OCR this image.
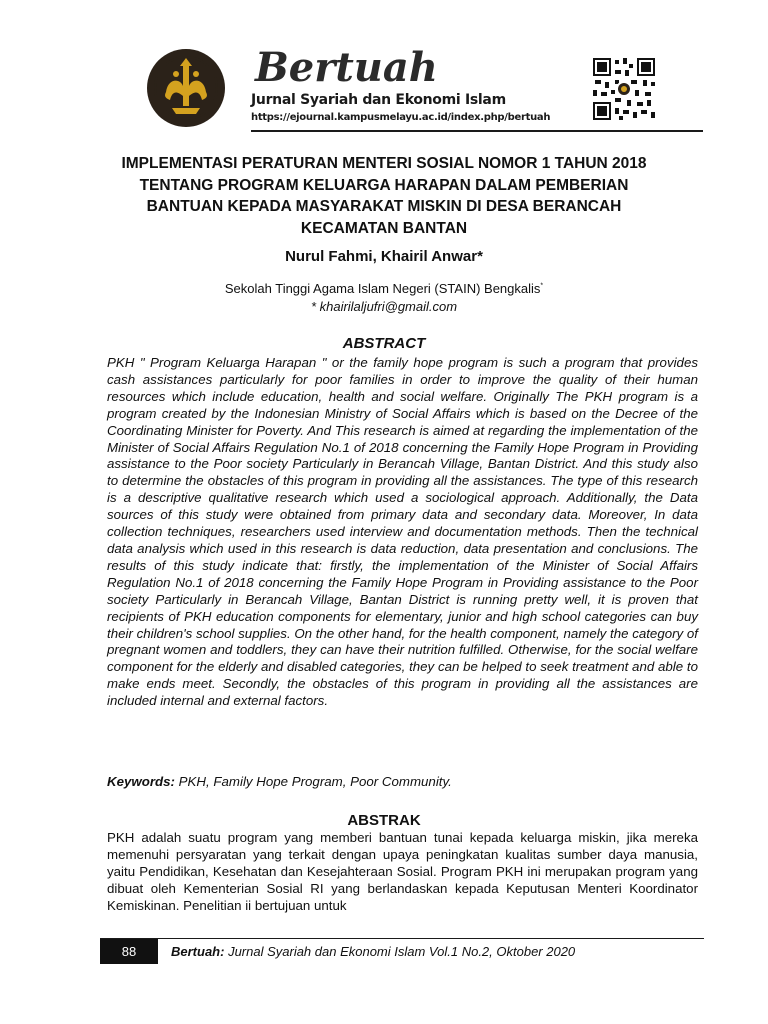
Bertuah
Jurnal Syariah dan Ekonomi Islam
https://ejournal.kampusmelayu.ac.id/index.php/bertuah
IMPLEMENTASI PERATURAN MENTERI SOSIAL NOMOR 1 TAHUN 2018 TENTANG PROGRAM KELUARGA HARAPAN DALAM PEMBERIAN BANTUAN KEPADA MASYARAKAT MISKIN DI DESA BERANCAH KECAMATAN BANTAN
Nurul Fahmi, Khairil Anwar*
Sekolah Tinggi Agama Islam Negeri (STAIN) Bengkalis*
* khairilaljufri@gmail.com
ABSTRACT

PKH " Program Keluarga Harapan " or the family hope program is such a program that provides cash assistances particularly for poor families in order to improve the quality of their human resources which include education, health and social welfare. Originally The PKH program is a program created by the Indonesian Ministry of Social Affairs which is based on the Decree of the Coordinating Minister for Poverty. And This research is aimed at regarding the implementation of the Minister of Social Affairs Regulation No.1 of 2018 concerning the Family Hope Program in Providing assistance to the Poor society Particularly in Berancah Village, Bantan District. And this study also to determine the obstacles of this program in providing all the assistances. The type of this research is a descriptive qualitative research which used a sociological approach. Additionally, the Data sources of this study were obtained from primary data and secondary data. Moreover, In data collection techniques, researchers used interview and documentation methods. Then the technical data analysis which used in this research is data reduction, data presentation and conclusions. The results of this study indicate that: firstly, the implementation of the Minister of Social Affairs Regulation No.1 of 2018 concerning the Family Hope Program in Providing assistance to the Poor society Particularly in Berancah Village, Bantan District is running pretty well, it is proven that recipients of PKH education components for elementary, junior and high school categories can buy their children's school supplies. On the other hand, for the health component, namely the category of pregnant women and toddlers, they can have their nutrition fulfilled. Otherwise, for the social welfare component for the elderly and disabled categories, they can be helped to seek treatment and able to make ends meet. Secondly, the obstacles of this program in providing all the assistances are included internal and external factors.

Keywords: PKH, Family Hope Program, Poor Community.
ABSTRAK

PKH adalah suatu program yang memberi bantuan tunai kepada keluarga miskin, jika mereka memenuhi persyaratan yang terkait dengan upaya peningkatan kualitas sumber daya manusia, yaitu Pendidikan, Kesehatan dan Kesejahteraan Sosial. Program PKH ini merupakan program yang dibuat oleh Kementerian Sosial RI yang berlandaskan kepada Keputusan Menteri Koordinator Kemiskinan. Penelitian ii bertujuan untuk

88	Bertuah: Jurnal Syariah dan Ekonomi Islam Vol.1 No.2, Oktober 2020
